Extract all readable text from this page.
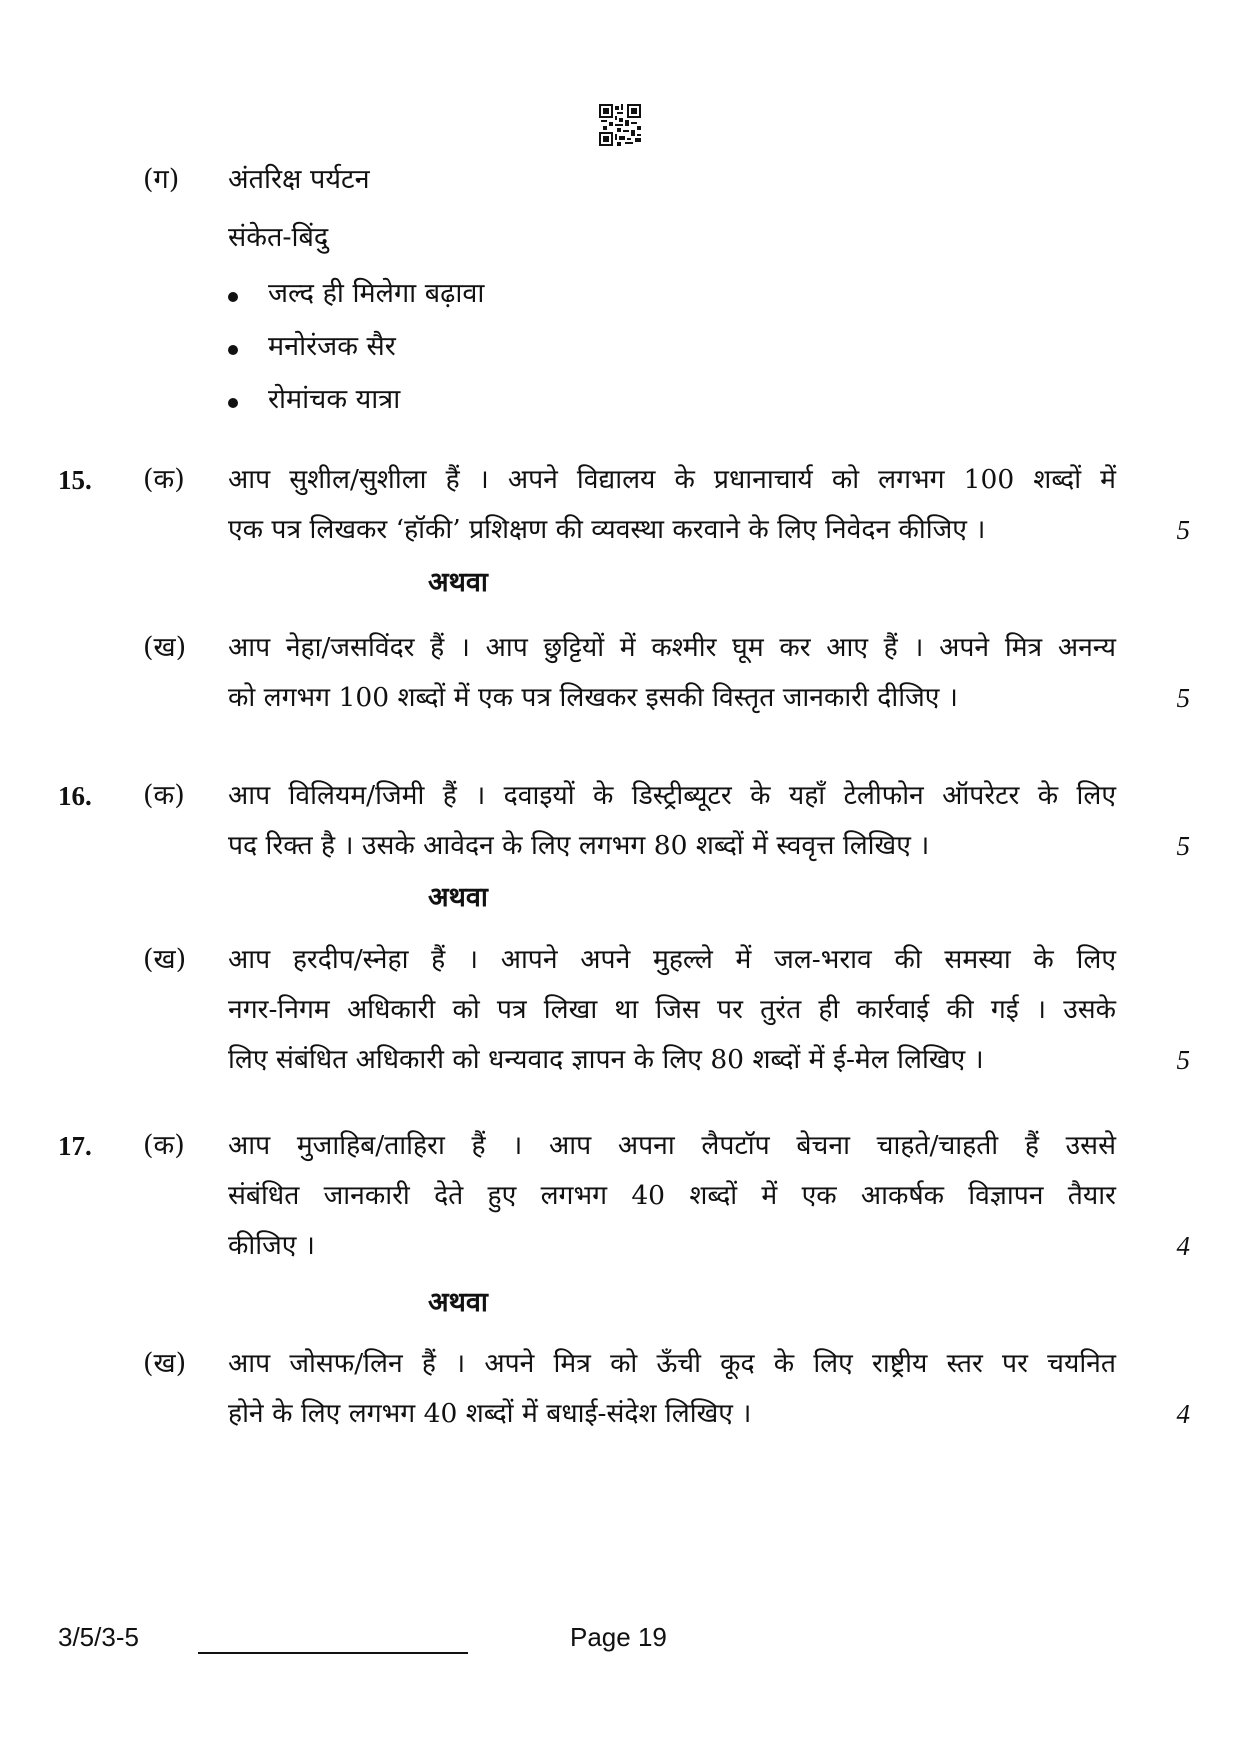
(ग) अंतरिक्ष पर्यटन
संकेत-बिंदु
जल्द ही मिलेगा बढ़ावा
मनोरंजक सैर
रोमांचक यात्रा
15. (क) आप सुशील/सुशीला हैं । अपने विद्यालय के प्रधानाचार्य को लगभग 100 शब्दों में
एक पत्र लिखकर ‘हॉकी’ प्रशिक्षण की व्यवस्था करवाने के लिए निवेदन कीजिए ।	5
अथवा
(ख) आप नेहा/जसविंदर हैं । आप छुट्टियों में कश्मीर घूम कर आए हैं । अपने मित्र अनन्य
को लगभग 100 शब्दों में एक पत्र लिखकर इसकी विस्तृत जानकारी दीजिए ।	5
16. (क) आप विलियम/जिमी हैं । दवाइयों के डिस्ट्रीब्यूटर के यहाँ टेलीफोन ऑपरेटर के लिए
पद रिक्त है । उसके आवेदन के लिए लगभग 80 शब्दों में स्ववृत्त लिखिए ।	5
अथवा
(ख) आप हरदीप/स्नेहा हैं । आपने अपने मुहल्ले में जल-भराव की समस्या के लिए
नगर-निगम अधिकारी को पत्र लिखा था जिस पर तुरंत ही कार्रवाई की गई । उसके
लिए संबंधित अधिकारी को धन्यवाद ज्ञापन के लिए 80 शब्दों में ई-मेल लिखिए ।	5
17. (क) आप मुजाहिब/ताहिरा हैं । आप अपना लैपटॉप बेचना चाहते/चाहती हैं उससे
संबंधित जानकारी देते हुए लगभग 40 शब्दों में एक आकर्षक विज्ञापन तैयार
कीजिए ।	4
अथवा
(ख) आप जोसफ/लिन हैं । अपने मित्र को ऊँची कूद के लिए राष्ट्रीय स्तर पर चयनित
होने के लिए लगभग 40 शब्दों में बधाई-संदेश लिखिए ।	4
3/5/3-5	Page 19
